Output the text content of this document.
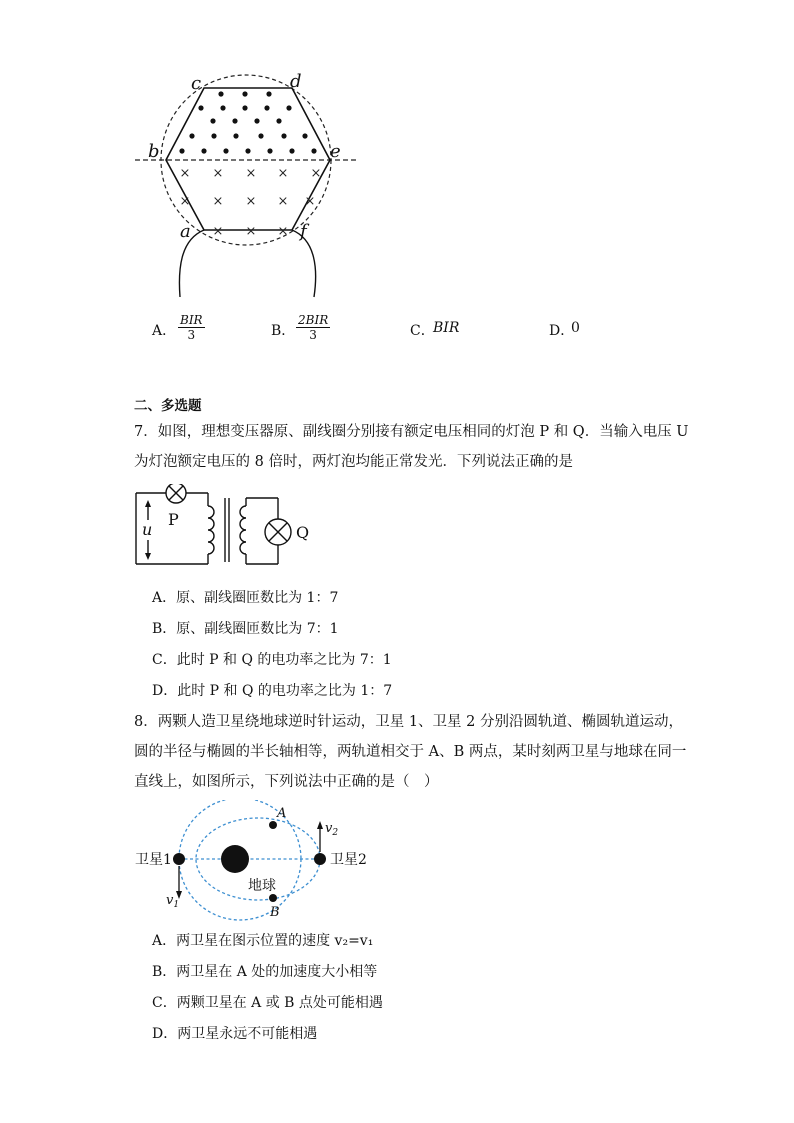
× × × × ×
× × × × ×
× × ×
c	d
b	e
a	f
A．
BIR
3	B．
2BIR
3	C．
BIR	D．
0
二、多选题
7．如图，理想变压器原、副线圈分别接有额定电压相同的灯泡 P 和 Q．当输入电压 U
为灯泡额定电压的 8 倍时，两灯泡均能正常发光．下列说法正确的是
P
Q
u
A．原、副线圈匝数比为 1：7
B．原、副线圈匝数比为 7：1
C．此时 P 和 Q 的电功率之比为 7：1
D．此时 P 和 Q 的电功率之比为 1：7
8．两颗人造卫星绕地球逆时针运动，卫星 1、卫星 2 分别沿圆轨道、椭圆轨道运动，
圆的半径与椭圆的半长轴相等，两轨道相交于 A、B 两点，某时刻两卫星与地球在同一
直线上，如图所示，下列说法中正确的是（　）
卫星1	卫星2
地球
A
B
$v_1$
$v_2$
A．两卫星在图示位置的速度 v₂=v₁
B．两卫星在 A 处的加速度大小相等
C．两颗卫星在 A 或 B 点处可能相遇
D．两卫星永远不可能相遇
